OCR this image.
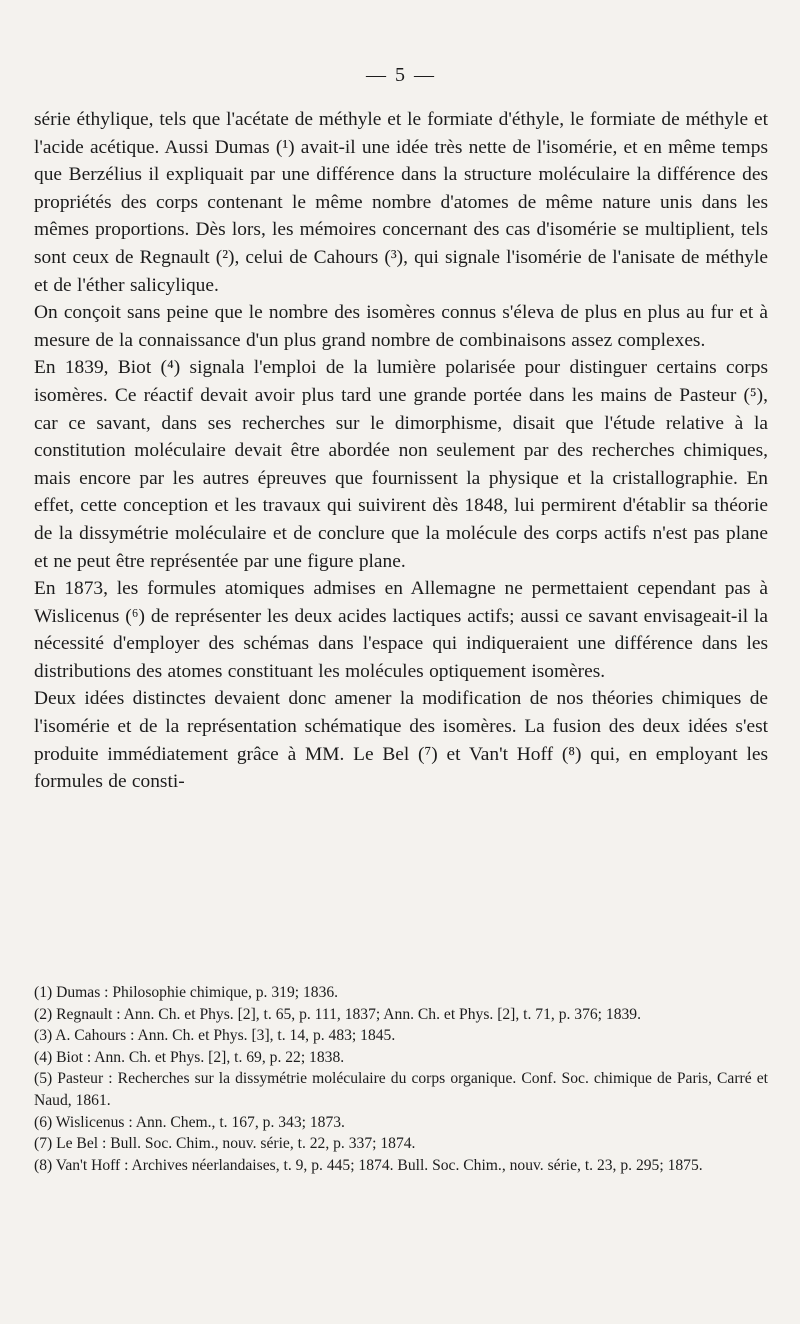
— 5 —

série éthylique, tels que l'acétate de méthyle et le formiate d'éthyle, le formiate de méthyle et l'acide acétique. Aussi Dumas (¹) avait-il une idée très nette de l'isomérie, et en même temps que Berzélius il expliquait par une différence dans la structure moléculaire la différence des propriétés des corps contenant le même nombre d'atomes de même nature unis dans les mêmes proportions. Dès lors, les mémoires concernant des cas d'isomérie se multiplient, tels sont ceux de Regnault (²), celui de Cahours (³), qui signale l'isomérie de l'anisate de méthyle et de l'éther salicylique.

On conçoit sans peine que le nombre des isomères connus s'éleva de plus en plus au fur et à mesure de la connaissance d'un plus grand nombre de combinaisons assez complexes.

En 1839, Biot (⁴) signala l'emploi de la lumière polarisée pour distinguer certains corps isomères. Ce réactif devait avoir plus tard une grande portée dans les mains de Pasteur (⁵), car ce savant, dans ses recherches sur le dimorphisme, disait que l'étude relative à la constitution moléculaire devait être abordée non seulement par des recherches chimiques, mais encore par les autres épreuves que fournissent la physique et la cristallographie. En effet, cette conception et les travaux qui suivirent dès 1848, lui permirent d'établir sa théorie de la dissymétrie moléculaire et de conclure que la molécule des corps actifs n'est pas plane et ne peut être représentée par une figure plane.

En 1873, les formules atomiques admises en Allemagne ne permettaient cependant pas à Wislicenus (⁶) de représenter les deux acides lactiques actifs; aussi ce savant envisageait-il la nécessité d'employer des schémas dans l'espace qui indiqueraient une différence dans les distributions des atomes constituant les molécules optiquement isomères.

Deux idées distinctes devaient donc amener la modification de nos théories chimiques de l'isomérie et de la représentation schématique des isomères. La fusion des deux idées s'est produite immédiatement grâce à MM. Le Bel (⁷) et Van't Hoff (⁸) qui, en employant les formules de consti-

(1) Dumas : Philosophie chimique, p. 319; 1836.
(2) Regnault : Ann. Ch. et Phys. [2], t. 65, p. 111, 1837; Ann. Ch. et Phys. [2], t. 71, p. 376; 1839.
(3) A. Cahours : Ann. Ch. et Phys. [3], t. 14, p. 483; 1845.
(4) Biot : Ann. Ch. et Phys. [2], t. 69, p. 22; 1838.
(5) Pasteur : Recherches sur la dissymétrie moléculaire du corps organique. Conf. Soc. chimique de Paris, Carré et Naud, 1861.
(6) Wislicenus : Ann. Chem., t. 167, p. 343; 1873.
(7) Le Bel : Bull. Soc. Chim., nouv. série, t. 22, p. 337; 1874.
(8) Van't Hoff : Archives néerlandaises, t. 9, p. 445; 1874. Bull. Soc. Chim., nouv. série, t. 23, p. 295; 1875.
